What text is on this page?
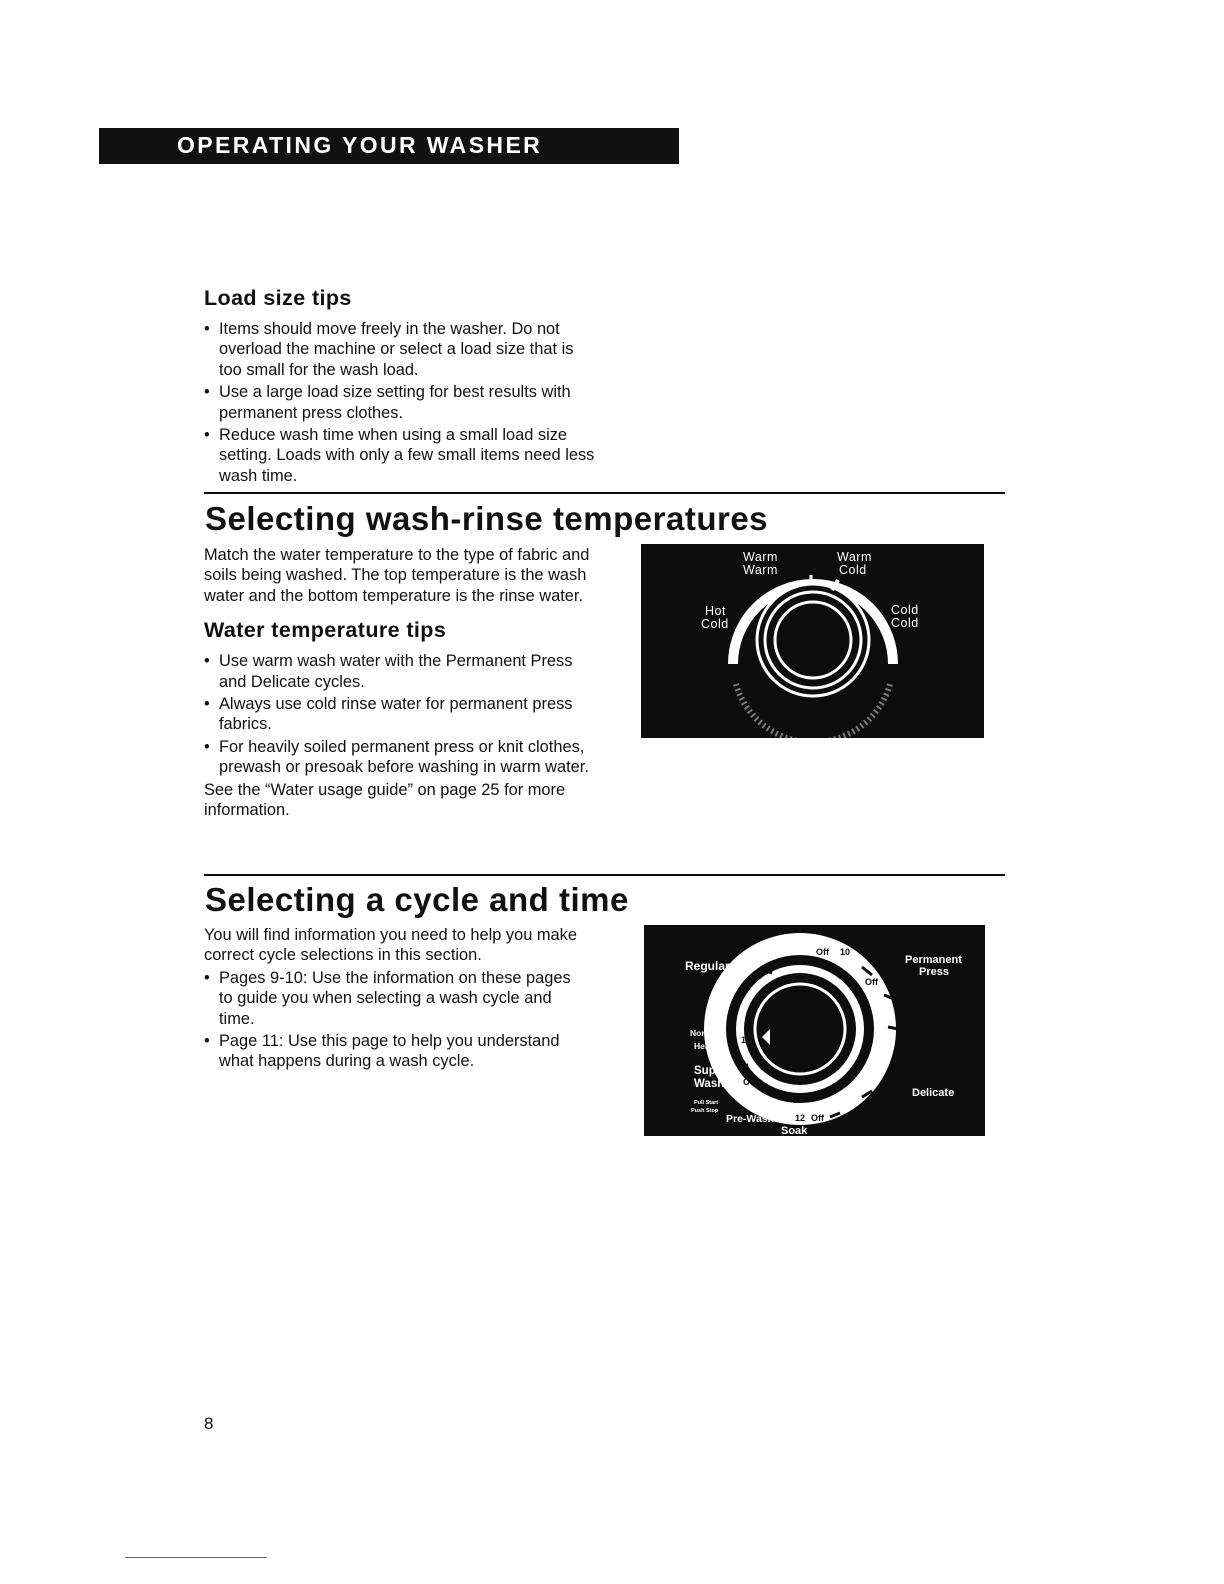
OPERATING YOUR WASHER
Load size tips
• Items should move freely in the washer. Do not overload the machine or select a load size that is too small for the wash load.
• Use a large load size setting for best results with permanent press clothes.
• Reduce wash time when using a small load size setting. Loads with only a few small items need less wash time.
Selecting wash-rinse temperatures

Match the water temperature to the type of fabric and soils being washed. The top temperature is the wash water and the bottom temperature is the rinse water.

Water temperature tips
• Use warm wash water with the Permanent Press and Delicate cycles.
• Always use cold rinse water for permanent press fabrics.
• For heavily soiled permanent press or knit clothes, prewash or presoak before washing in warm water.

See the “Water usage guide” on page 25 for more information.

Warm
Warm
Warm
Cold
Hot
Cold
Cold
Cold
Selecting a cycle and time

You will find information you need to help you make correct cycle selections in this section.

• Pages 9-10: Use the information on these pages to guide you when selecting a wash cycle and time.
• Page 11: Use this page to help you understand what happens during a wash cycle.
Off 10
Off
12
14
Off
12 Off
Off
6
2
Regular	Permanent
Press
Normal
Heavy
Super
Wash
Pull Start
Push Stop
Pre-Wash
Soak
Delicate
8
